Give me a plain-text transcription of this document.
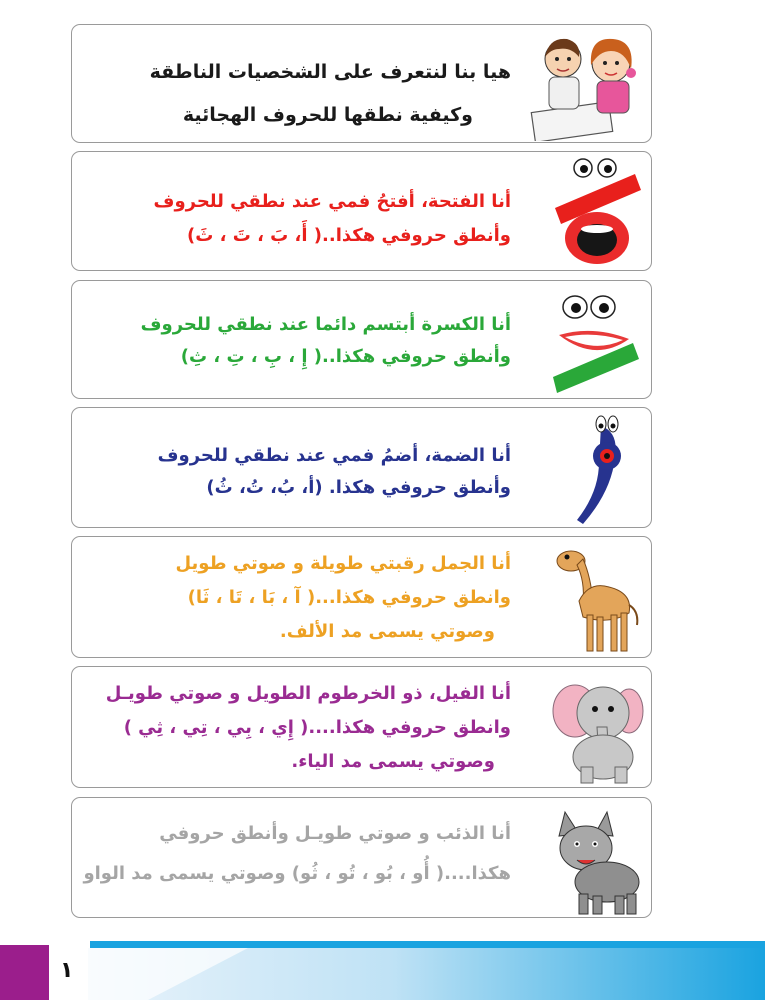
هيا بنا لنتعرف على الشخصيات الناطقة
وكيفية نطقها للحروف الهجائية
أنا الفتحة، أفتحُ فمي عند نطقي للحروف
وأنطق حروفي هكذا..( أَ، بَ ، تَ ، ثَ)
أنا الكسرة أبتسم دائما عند نطقي للحروف
وأنطق حروفي هكذا..( إِ ، بِ ، تِ ، ثِ)
أنا الضمة، أضمُ فمي عند نطقي للحروف
وأنطق حروفي هكذا. (أ، بُ، تُ، ثُ)
أنا الجمل رقبتي طويلة و صوتي طويل
وانطق حروفي هكذا...( آ ، بَا ، تَا ، ثَا)
وصوتي يسمى مد الألف.
أنا الفيل، ذو الخرطوم الطويل و صوتي طويـل
وانطق حروفي هكذا....( إِي ، بِي ، تِي ، ثِي )
وصوتي يسمى مد الياء.
أنا الذئب و صوتي طويـل وأنطق حروفي
هكذا....( أُو ، بُو ، تُو ، ثُو) وصوتي يسمى مد الواو
١
